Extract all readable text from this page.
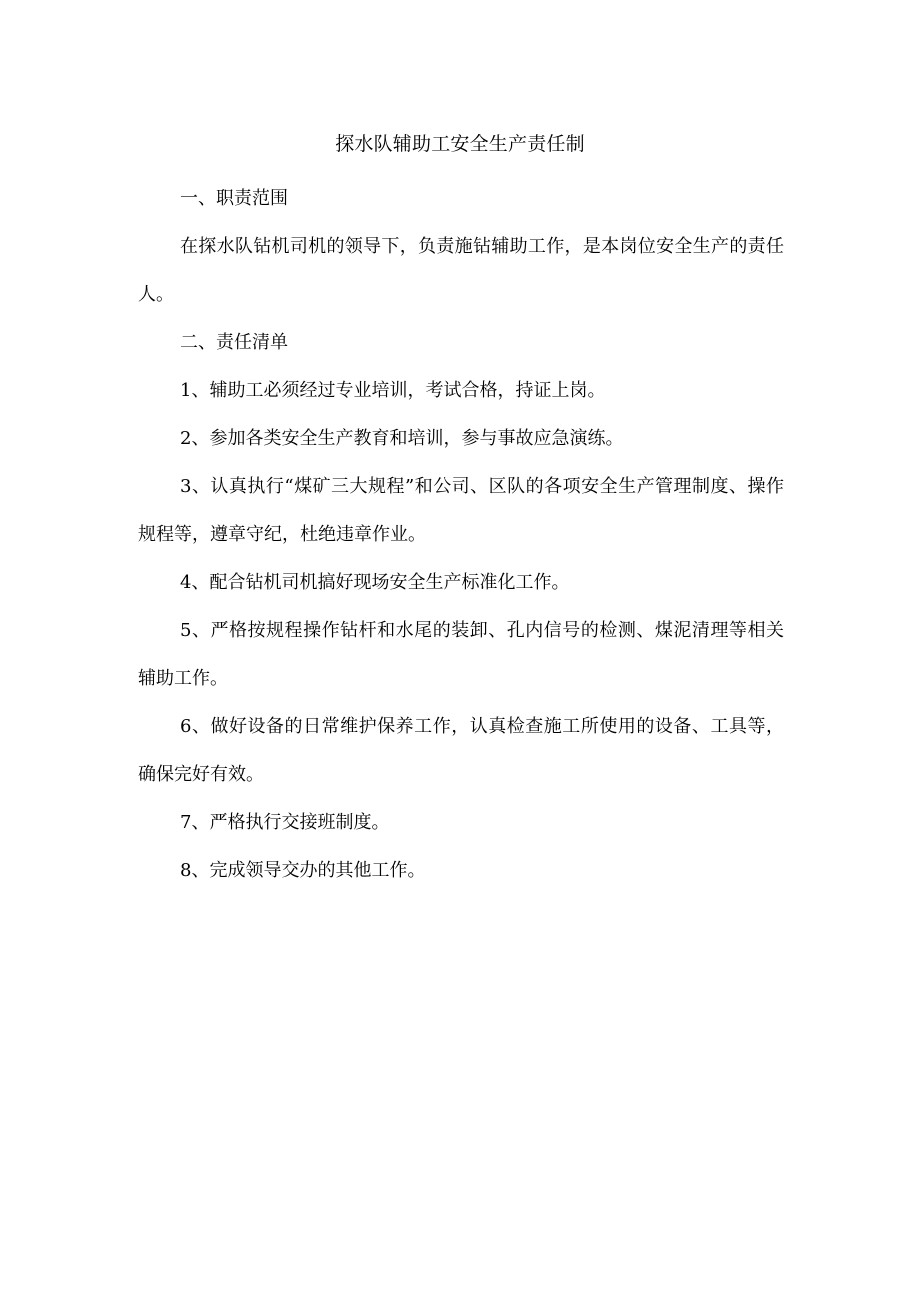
探水队辅助工安全生产责任制

一、职责范围

在探水队钻机司机的领导下，负责施钻辅助工作，是本岗位安全生产的责任人。

二、责任清单

1、辅助工必须经过专业培训，考试合格，持证上岗。

2、参加各类安全生产教育和培训，参与事故应急演练。

3、认真执行“煤矿三大规程”和公司、区队的各项安全生产管理制度、操作规程等，遵章守纪，杜绝违章作业。

4、配合钻机司机搞好现场安全生产标准化工作。

5、严格按规程操作钻杆和水尾的装卸、孔内信号的检测、煤泥清理等相关辅助工作。

6、做好设备的日常维护保养工作，认真检查施工所使用的设备、工具等，确保完好有效。

7、严格执行交接班制度。

8、完成领导交办的其他工作。
